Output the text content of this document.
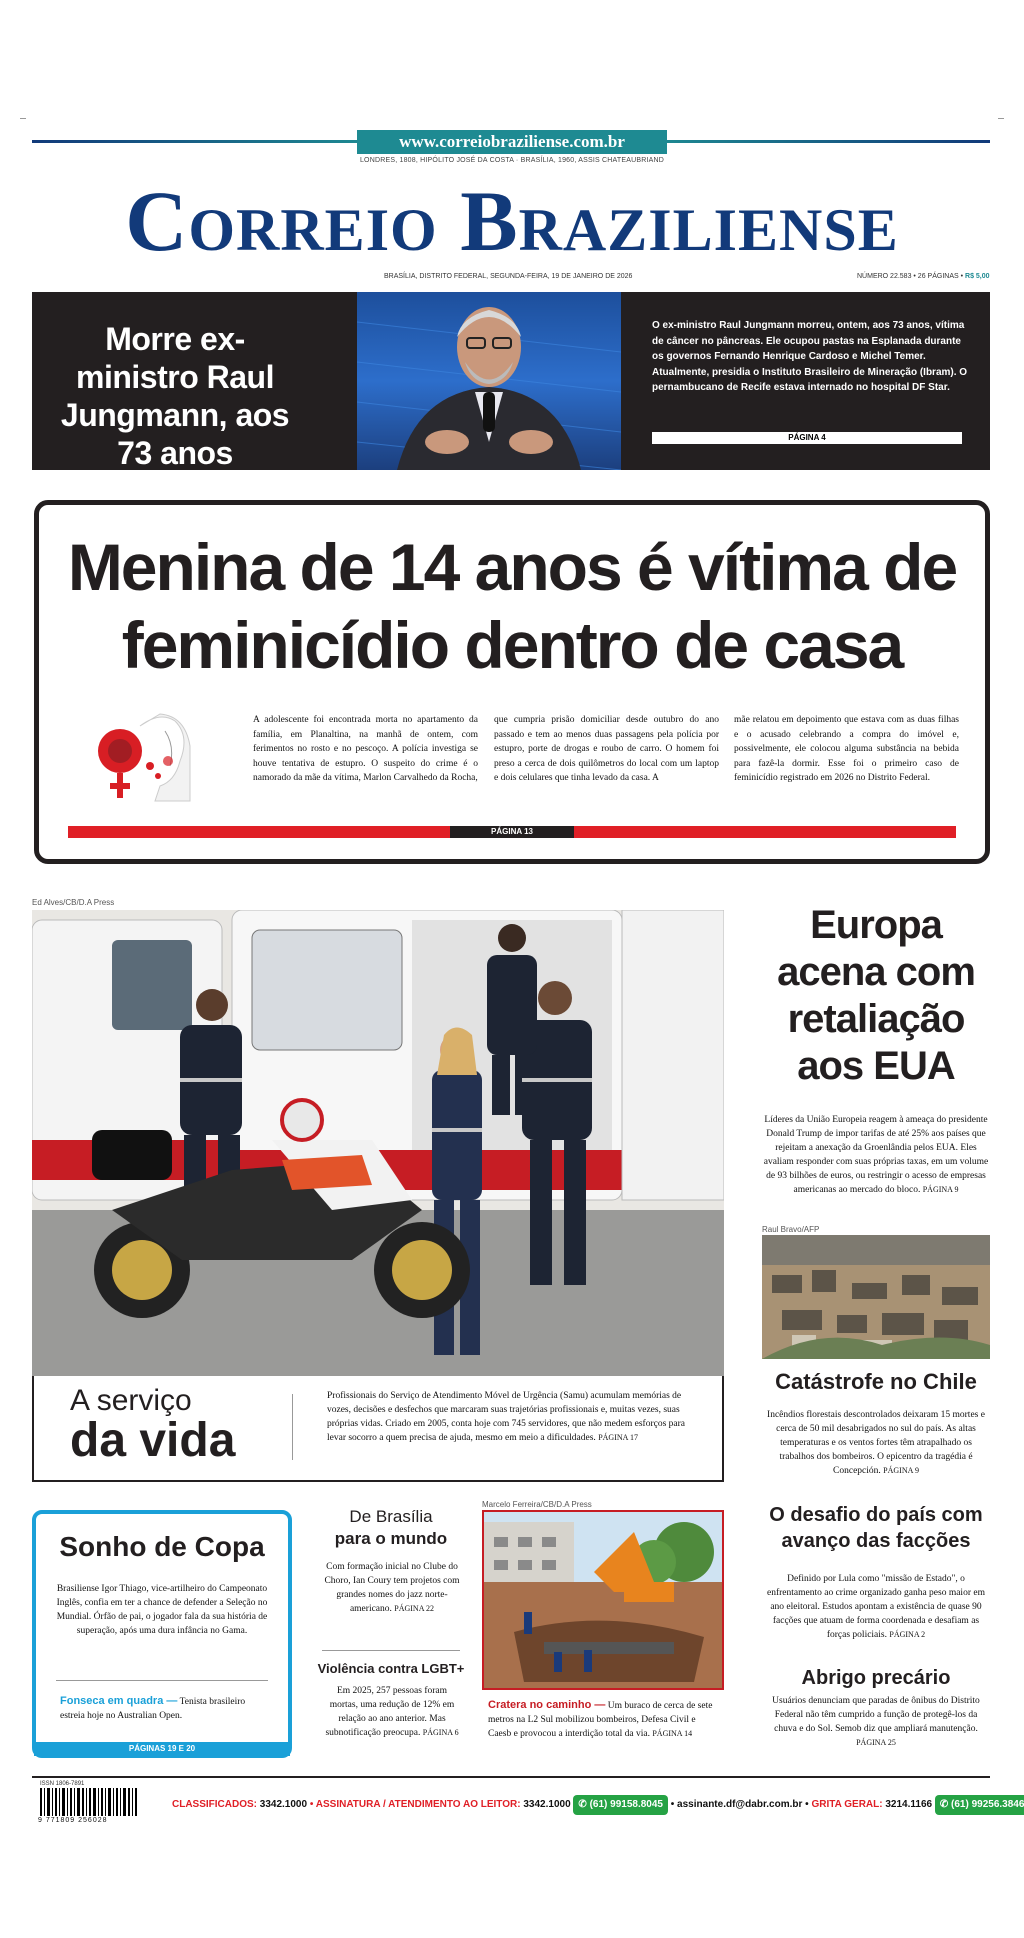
www.correiobraziliense.com.br
LONDRES, 1808, HIPÓLITO JOSÉ DA COSTA · BRASÍLIA, 1960, ASSIS CHATEAUBRIAND
Correio Braziliense
BRASÍLIA, DISTRITO FEDERAL, SEGUNDA-FEIRA, 19 DE JANEIRO DE 2026	NÚMERO 22.583 • 26 PÁGINAS • R$ 5,00
Morre ex-ministro Raul Jungmann, aos 73 anos
O ex-ministro Raul Jungmann morreu, ontem, aos 73 anos, vítima de câncer no pâncreas. Ele ocupou pastas na Esplanada durante os governos Fernando Henrique Cardoso e Michel Temer. Atualmente, presidia o Instituto Brasileiro de Mineração (Ibram). O pernambucano de Recife estava internado no hospital DF Star.
PÁGINA 4
Menina de 14 anos é vítima de feminicídio dentro de casa
A adolescente foi encontrada morta no apartamento da família, em Planaltina, na manhã de ontem, com ferimentos no rosto e no pescoço. A polícia investiga se houve tentativa de estupro. O suspeito do crime é o namorado da mãe da vítima, Marlon Carvalhedo da Rocha,
que cumpria prisão domiciliar desde outubro do ano passado e tem ao menos duas passagens pela polícia por estupro, porte de drogas e roubo de carro. O homem foi preso a cerca de dois quilômetros do local com um laptop e dois celulares que tinha levado da casa. A
mãe relatou em depoimento que estava com as duas filhas e o acusado celebrando a compra do imóvel e, possivelmente, ele colocou alguma substância na bebida para fazê-la dormir. Esse foi o primeiro caso de feminicídio registrado em 2026 no Distrito Federal.
PÁGINA 13
Ed Alves/CB/D.A Press
A serviço
da vida
Profissionais do Serviço de Atendimento Móvel de Urgência (Samu) acumulam memórias de vozes, decisões e desfechos que marcaram suas trajetórias profissionais e, muitas vezes, suas próprias vidas. Criado em 2005, conta hoje com 745 servidores, que não medem esforços para levar socorro a quem precisa de ajuda, mesmo em meio a dificuldades. PÁGINA 17
Europa acena com retaliação aos EUA
Líderes da União Europeia reagem à ameaça do presidente Donald Trump de impor tarifas de até 25% aos países que rejeitam a anexação da Groenlândia pelos EUA. Eles avaliam responder com suas próprias taxas, em um volume de 93 bilhões de euros, ou restringir o acesso de empresas americanas ao mercado do bloco. PÁGINA 9
Raul Bravo/AFP
Catástrofe no Chile
Incêndios florestais descontrolados deixaram 15 mortes e cerca de 50 mil desabrigados no sul do país. As altas temperaturas e os ventos fortes têm atrapalhado os trabalhos dos bombeiros. O epicentro da tragédia é Concepción. PÁGINA 9
Sonho de Copa
Brasiliense Igor Thiago, vice-artilheiro do Campeonato Inglês, confia em ter a chance de defender a Seleção no Mundial. Órfão de pai, o jogador fala da sua história de superação, após uma dura infância no Gama.
Fonseca em quadra — Tenista brasileiro estreia hoje no Australian Open.
PÁGINAS 19 E 20
De Brasília
para o mundo
Com formação inicial no Clube do Choro, Ian Coury tem projetos com grandes nomes do jazz norte-americano. PÁGINA 22
Violência contra LGBT+
Em 2025, 257 pessoas foram mortas, uma redução de 12% em relação ao ano anterior. Mas subnotificação preocupa. PÁGINA 6
Marcelo Ferreira/CB/D.A Press
Cratera no caminho — Um buraco de cerca de sete metros na L2 Sul mobilizou bombeiros, Defesa Civil e Caesb e provocou a interdição total da via. PÁGINA 14
O desafio do país com avanço das facções
Definido por Lula como "missão de Estado", o enfrentamento ao crime organizado ganha peso maior em ano eleitoral. Estudos apontam a existência de quase 90 facções que atuam de forma coordenada e desafiam as forças policiais. PÁGINA 2
Abrigo precário
Usuários denunciam que paradas de ônibus do Distrito Federal não têm cumprido a função de protegê-los da chuva e do Sol. Semob diz que ampliará manutenção. PÁGINA 25
ISSN 1806-7891
9 771809 256028
CLASSIFICADOS: 3342.1000 • ASSINATURA / ATENDIMENTO AO LEITOR: 3342.1000 ✆ (61) 99158.8045 • assinante.df@dabr.com.br • GRITA GERAL: 3214.1166 ✆ (61) 99256.3846
